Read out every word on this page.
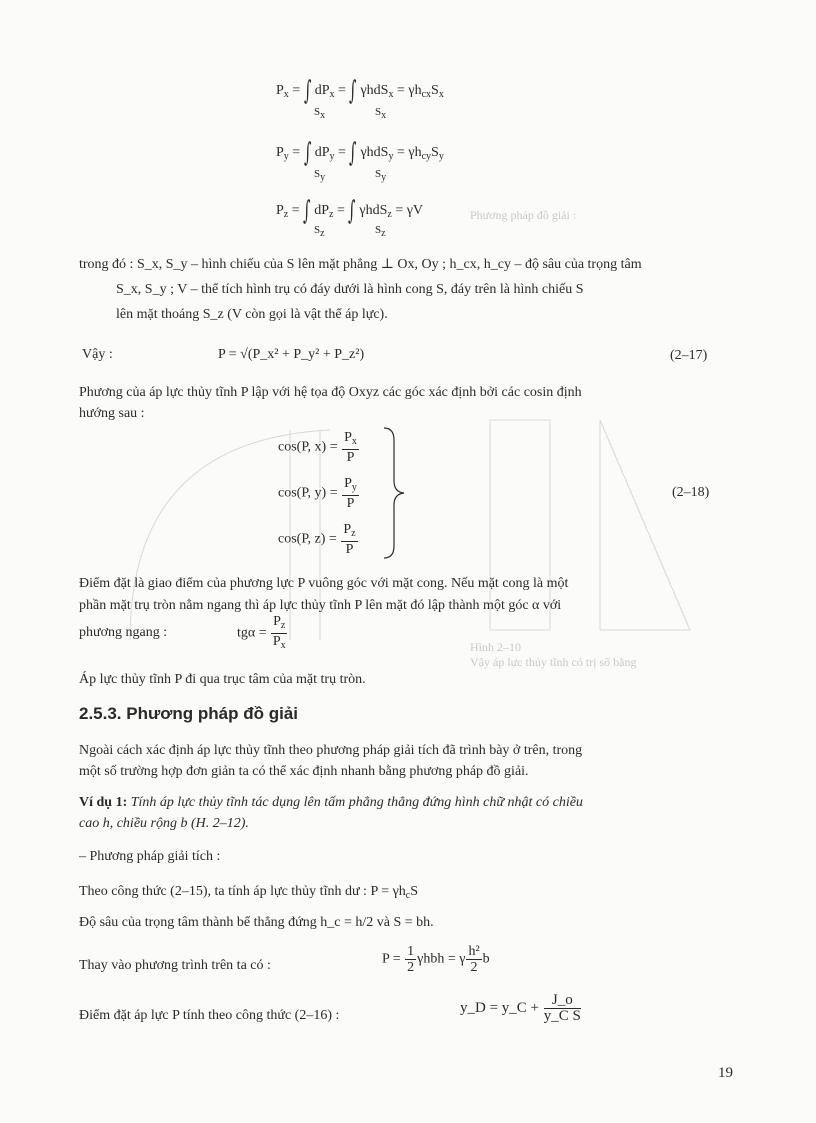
Phương pháp đồ giải :
Hình 2–10
Vậy áp lực thủy tĩnh có trị số bằng
$P_x$ = ∫ $dP_x$ = ∫ $\gamma hdS_x = \gamma h_{cx}S_x$
Sx	Sx
$P_y$ = ∫ $dP_y$ = ∫ $\gamma hdS_y = \gamma h_{cy}S_y$
Sy	Sy
$P_z$ = ∫ $dP_z$ = ∫ γhdS$_z$ = γV
Sz	Sz
trong đó : S_x, S_y – hình chiếu của S lên mặt phẳng ⊥ Ox, Oy ; h_cx, h_cy – độ sâu của trọng tâm
S_x, S_y ; V – thể tích hình trụ có đáy dưới là hình cong S, đáy trên là hình chiếu S
lên mặt thoáng S_z (V còn gọi là vật thể áp lực).
Vậy :	P = √(P_x² + P_y² + P_z²)	(2–17)
Phương của áp lực thủy tĩnh P lập với hệ tọa độ Oxyz các góc xác định bởi các cosin định
hướng sau :
cos(P, $x) = \frac{P_x}{P}$
cos(P, $y) = \frac{P_y}{P}$
cos(P, $z) = \frac{P_z}{P}$
(2–18)
Điểm đặt là giao điểm của phương lực P vuông góc với mặt cong. Nếu mặt cong là một
phần mặt trụ tròn nằm ngang thì áp lực thủy tĩnh P lên mặt đó lập thành một góc α với
phương ngang :	$tg\alpha = \frac{P_z}{P_x}$
Áp lực thủy tĩnh P đi qua trục tâm của mặt trụ tròn.
2.5.3. Phương pháp đồ giải
Ngoài cách xác định áp lực thủy tĩnh theo phương pháp giải tích đã trình bày ở trên, trong
một số trường hợp đơn giản ta có thể xác định nhanh bằng phương pháp đồ giải.
Ví dụ 1: Tính áp lực thủy tĩnh tác dụng lên tấm phẳng thẳng đứng hình chữ nhật có chiều
cao h, chiều rộng b (H. 2–12).
– Phương pháp giải tích :
Theo công thức (2–15), ta tính áp lực thủy tĩnh dư : $P = \gamma h_cS$
Độ sâu của trọng tâm thành bể thẳng đứng h_c = h/2 và S = bh.
Thay vào phương trình trên ta có :	$P = \frac{1}{2}$ γhbh = γ $\frac{\text{h²}}{2}$ b
Điểm đặt áp lực P tính theo công thức (2–16) :	y_D = y_C + $\frac{J\_o}{\text{y\_C S}}$
19
